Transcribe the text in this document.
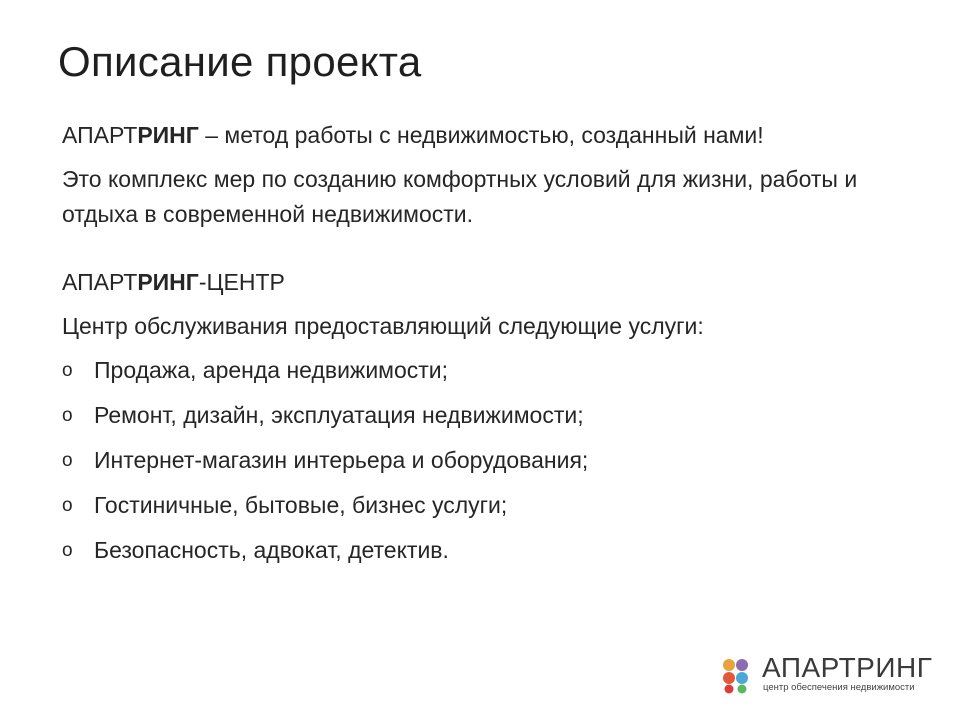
Описание проекта

АПАРТРИНГ – метод работы с недвижимостью, созданный нами!

Это комплекс мер по созданию комфортных условий для жизни, работы и отдыха в современной недвижимости.

АПАРТРИНГ-ЦЕНТР

Центр обслуживания предоставляющий следующие услуги:

o Продажа, аренда недвижимости;
o Ремонт, дизайн, эксплуатация недвижимости;
o Интернет-магазин интерьера и оборудования;
o Гостиничные, бытовые, бизнес услуги;
o Безопасность, адвокат, детектив.
АПАРТРИНГ
центр обеспечения недвижимости
